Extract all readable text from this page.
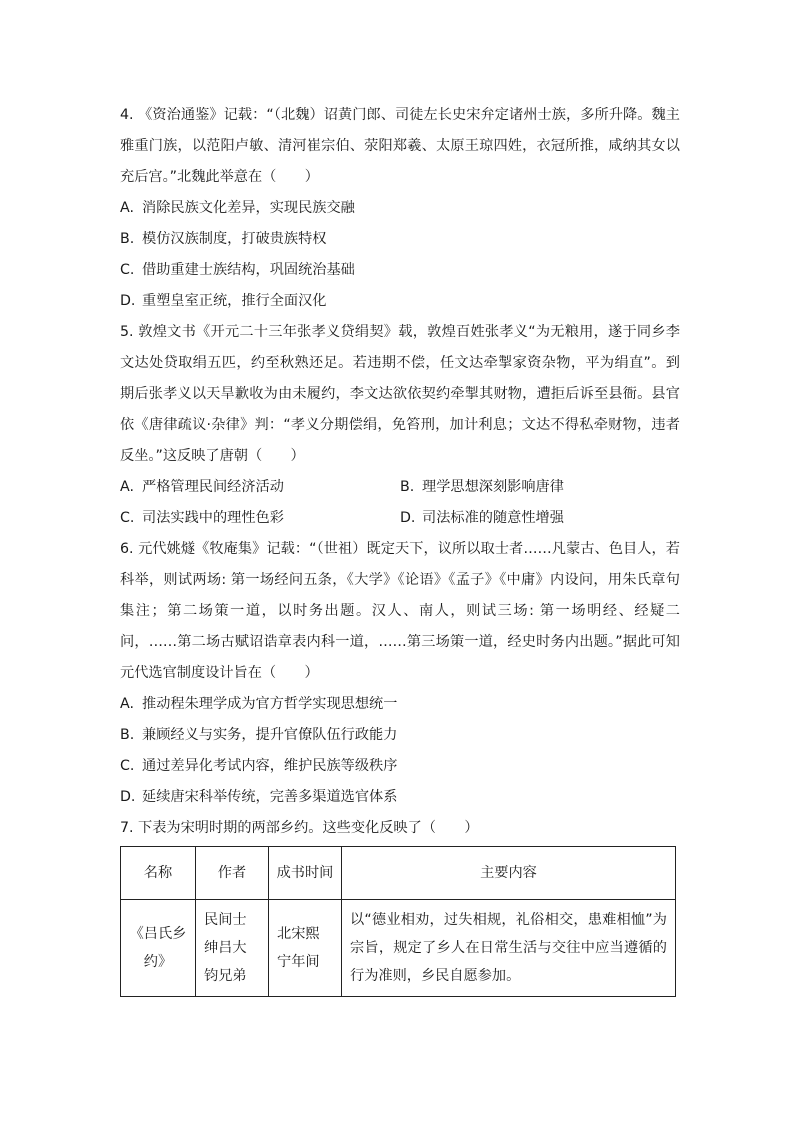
4. 《资治通鉴》记载：“（北魏）诏黄门郎、司徒左长史宋弁定诸州士族，多所升降。魏主雅重门族，以范阳卢敏、清河崔宗伯、荥阳郑羲、太原王琼四姓，衣冠所推，咸纳其女以充后宫。”北魏此举意在（　　）

A. 消除民族文化差异，实现民族交融

B. 模仿汉族制度，打破贵族特权

C. 借助重建士族结构，巩固统治基础

D. 重塑皇室正统，推行全面汉化

5. 敦煌文书《开元二十三年张孝义贷绢契》载，敦煌百姓张孝义“为无粮用，遂于同乡李文达处贷取绢五匹，约至秋熟还足。若违期不偿，任文达牵掣家资杂物，平为绢直”。到期后张孝义以天旱歉收为由未履约，李文达欲依契约牵掣其财物，遭拒后诉至县衙。县官依《唐律疏议·杂律》判：“孝义分期偿绢，免笞刑，加计利息；文达不得私牵财物，违者反坐。”这反映了唐朝（　　）

A. 严格管理民间经济活动	B. 理学思想深刻影响唐律

C. 司法实践中的理性色彩	D. 司法标准的随意性增强

6. 元代姚燧《牧庵集》记载：“（世祖）既定天下，议所以取士者……凡蒙古、色目人，若科举，则试两场: 第一场经问五条，《大学》《论语》《孟子》《中庸》内设问，用朱氏章句集注；第二场策一道，以时务出题。汉人、南人，则试三场: 第一场明经、经疑二问，……第二场古赋诏诰章表内科一道，……第三场策一道，经史时务内出题。”据此可知元代选官制度设计旨在（　　）

A. 推动程朱理学成为官方哲学实现思想统一

B. 兼顾经义与实务，提升官僚队伍行政能力

C. 通过差异化考试内容，维护民族等级秩序

D. 延续唐宋科举传统，完善多渠道选官体系

7. 下表为宋明时期的两部乡约。这些变化反映了（　　）

名称	作者	成书时间	主要内容
《吕氏乡约》	民间士绅吕大钧兄弟	北宋熙宁年间	以“德业相劝，过失相规，礼俗相交，患难相恤”为宗旨，规定了乡人在日常生活与交往中应当遵循的行为准则，乡民自愿参加。
